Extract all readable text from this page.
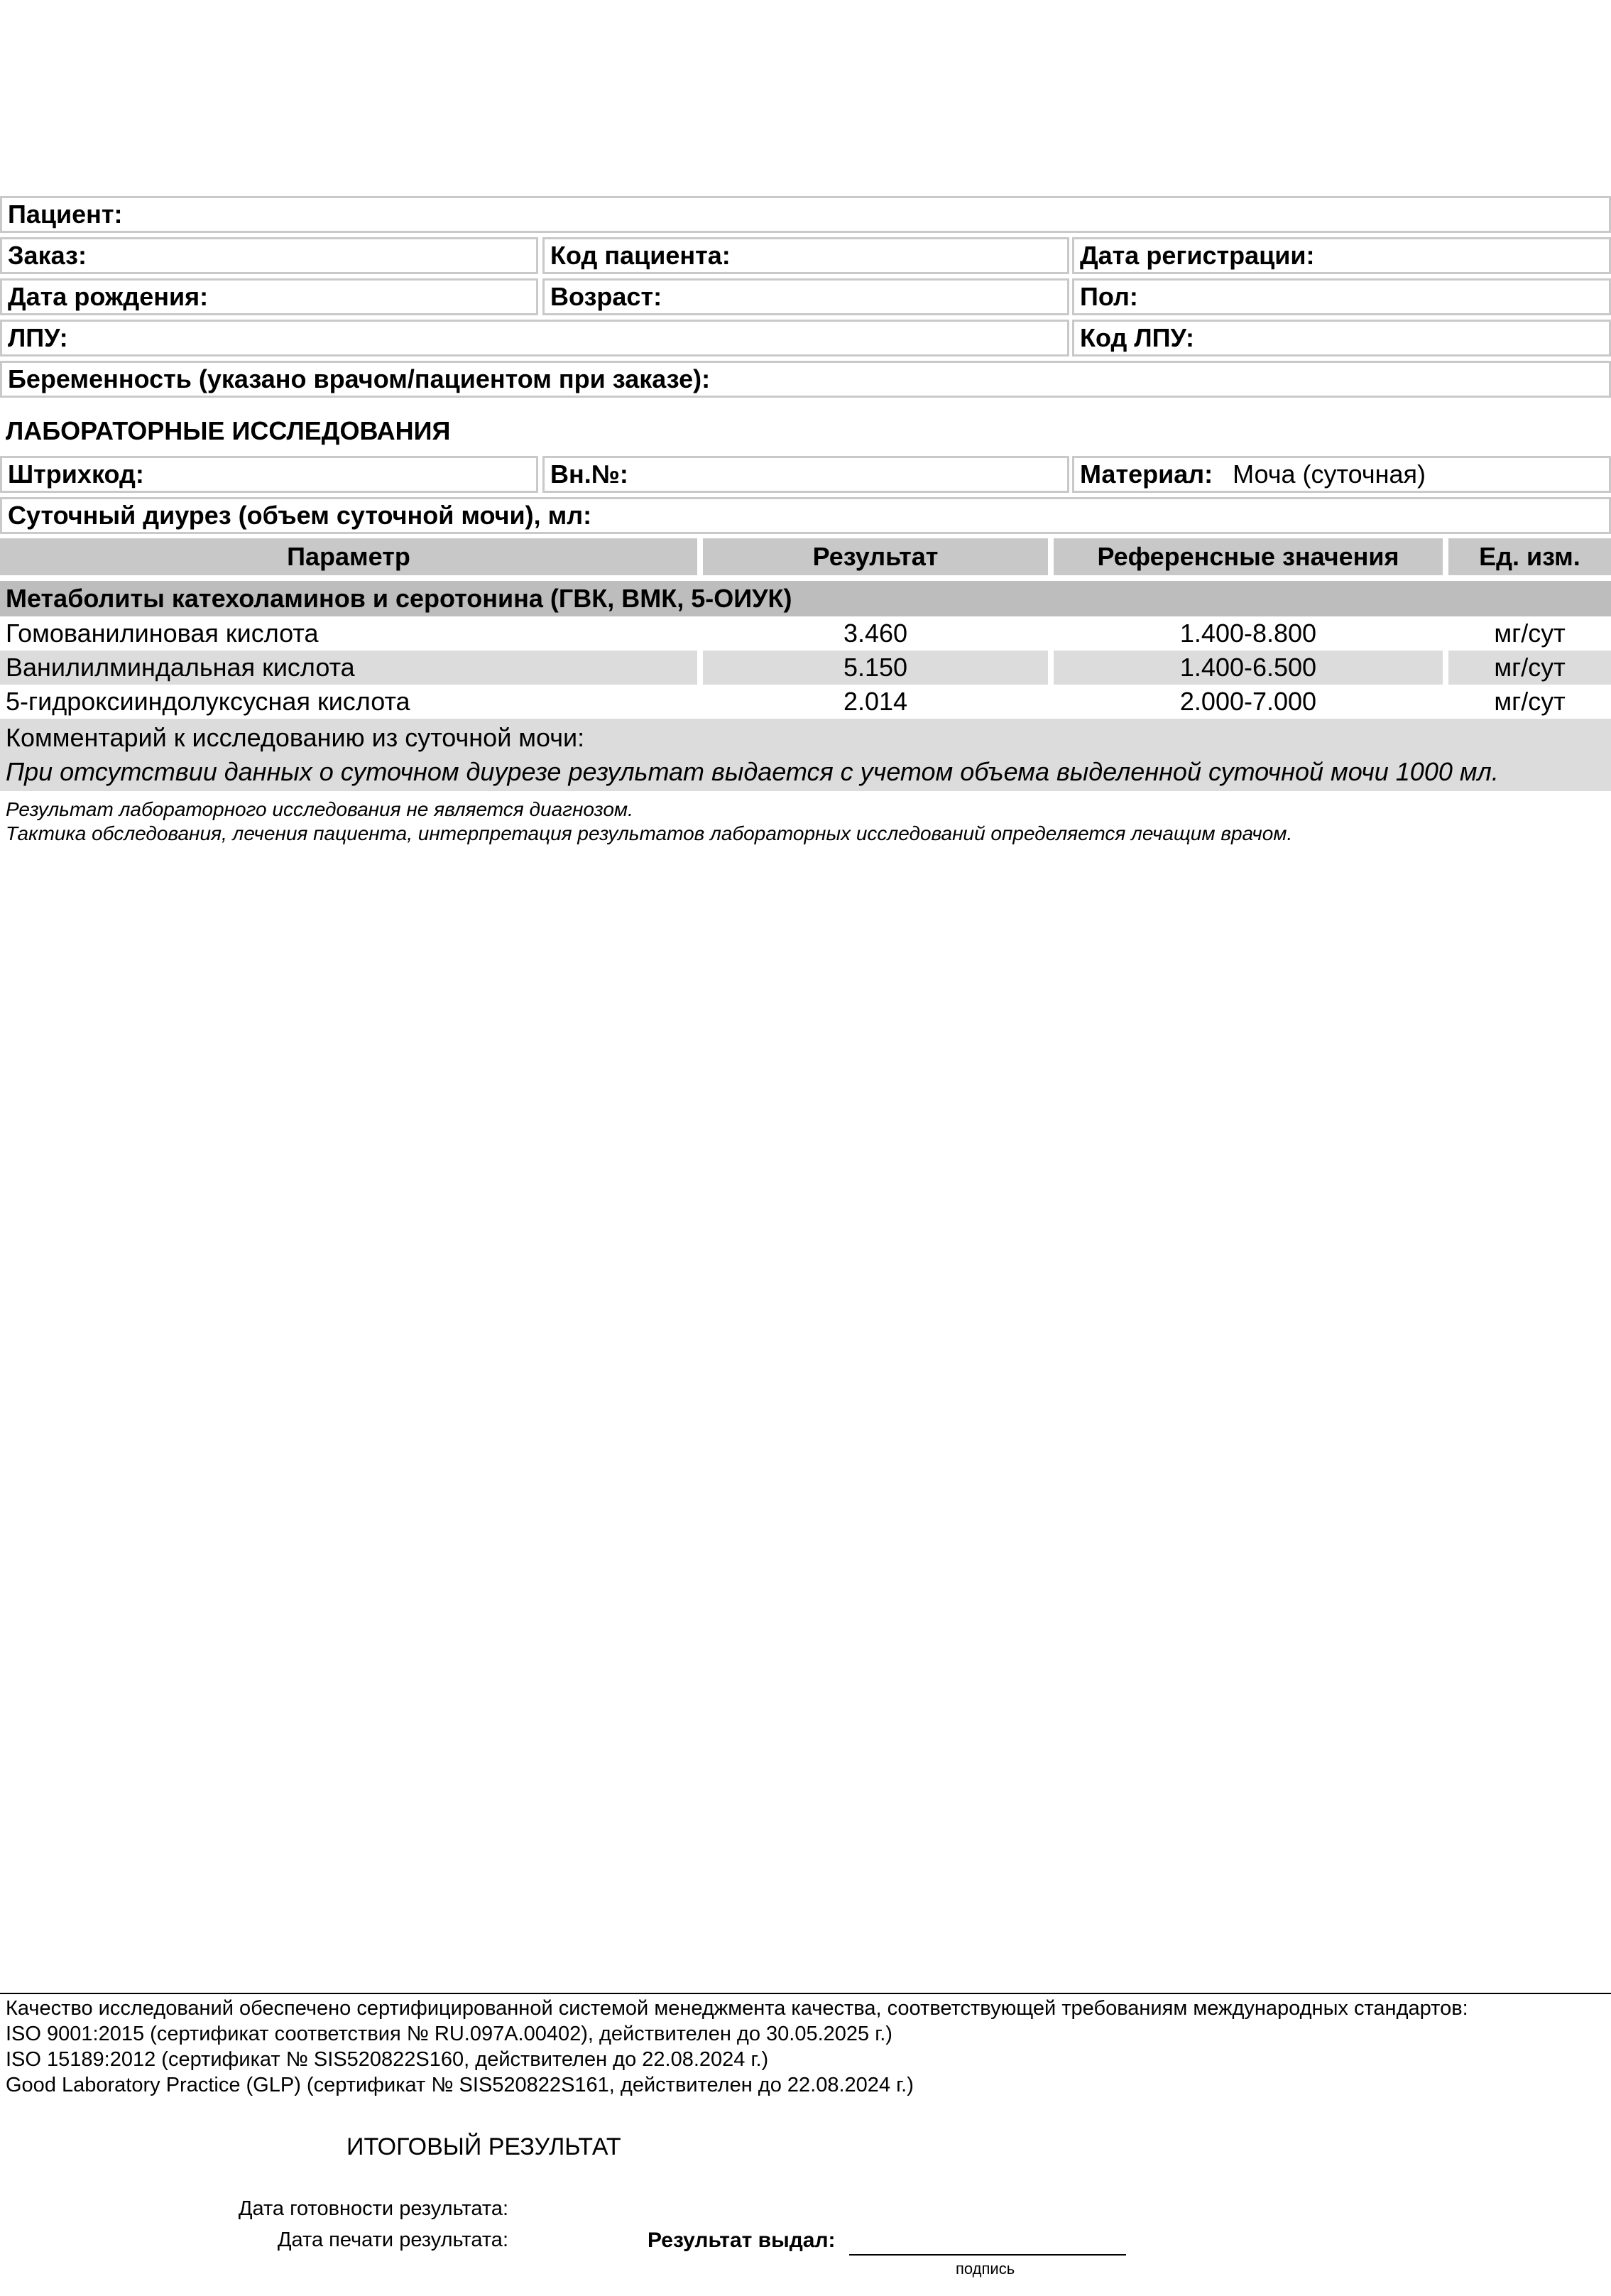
Пациент:
Заказ:	Код пациента:	Дата регистрации:
Дата рождения:	Возраст:	Пол:
ЛПУ:	Код ЛПУ:
Беременность (указано врачом/пациентом при заказе):
ЛАБОРАТОРНЫЕ ИССЛЕДОВАНИЯ
Штрихкод:	Вн.№:	Материал: Моча (суточная)
Суточный диурез (объем суточной мочи), мл:
Параметр	Результат	Референсные значения	Ед. изм.
Метаболиты катехоламинов и серотонина (ГВК, ВМК, 5-ОИУК)
Гомованилиновая кислота	3.460	1.400-8.800	мг/сут
Ванилилминдальная кислота	5.150	1.400-6.500	мг/сут
5-гидроксииндолуксусная кислота	2.014	2.000-7.000	мг/сут
Комментарий к исследованию из суточной мочи:
При отсутствии данных о суточном диурезе результат выдается с учетом объема выделенной суточной мочи 1000 мл.
Результат лабораторного исследования не является диагнозом.
Тактика обследования, лечения пациента, интерпретация результатов лабораторных исследований определяется лечащим врачом.
Качество исследований обеспечено сертифицированной системой менеджмента качества, соответствующей требованиям международных стандартов:
ISO 9001:2015 (сертификат соответствия № RU.097А.00402), действителен до 30.05.2025 г.)
ISO 15189:2012 (сертификат № SIS520822S160, действителен до 22.08.2024 г.)
Good Laboratory Practice (GLP) (сертификат № SIS520822S161, действителен до 22.08.2024 г.)
ИТОГОВЫЙ РЕЗУЛЬТАТ
Дата готовности результата:
Дата печати результата:	Результат выдал:
подпись
